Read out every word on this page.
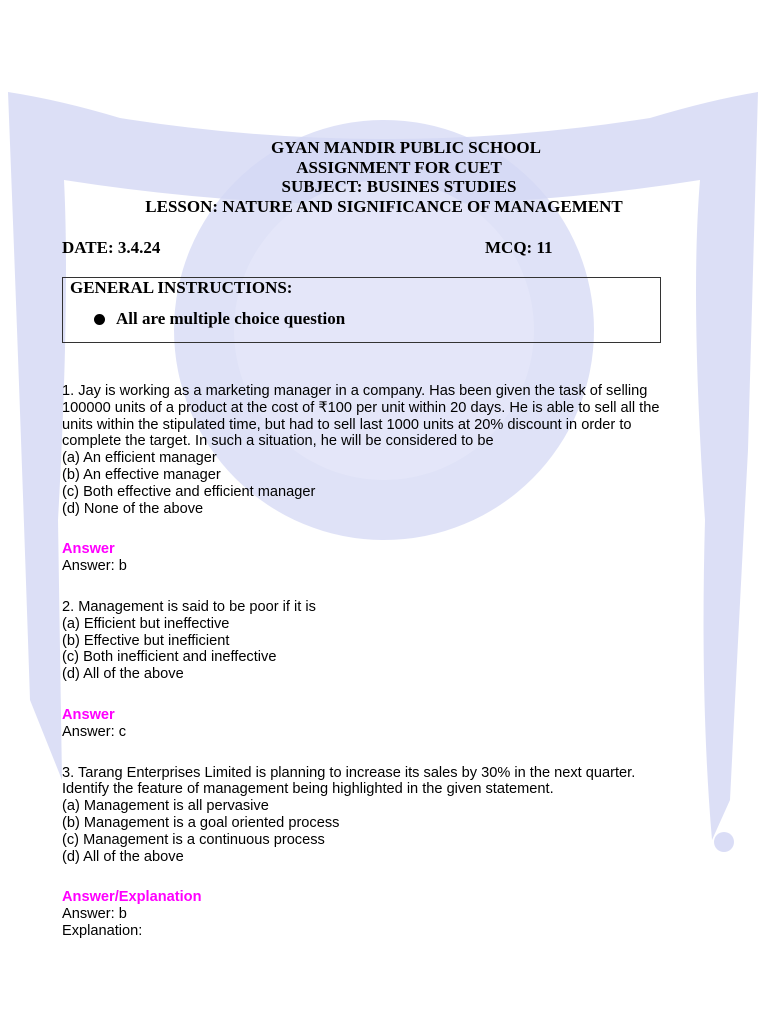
GYAN MANDIR PUBLIC SCHOOL
ASSIGNMENT FOR CUET
SUBJECT: BUSINES STUDIES
LESSON: NATURE AND SIGNIFICANCE OF MANAGEMENT
DATE: 3.4.24	MCQ: 11
GENERAL INSTRUCTIONS:
All are multiple choice question
1. Jay is working as a marketing manager in a company. Has been given the task of selling
100000 units of a product at the cost of ₹100 per unit within 20 days. He is able to sell all the
units within the stipulated time, but had to sell last 1000 units at 20% discount in order to
complete the target. In such a situation, he will be considered to be
(a) An efficient manager
(b) An effective manager
(c) Both effective and efficient manager
(d) None of the above
Answer
Answer: b
2. Management is said to be poor if it is
(a) Efficient but ineffective
(b) Effective but inefficient
(c) Both inefficient and ineffective
(d) All of the above
Answer
Answer: c
3. Tarang Enterprises Limited is planning to increase its sales by 30% in the next quarter.
Identify the feature of management being highlighted in the given statement.
(a) Management is all pervasive
(b) Management is a goal oriented process
(c) Management is a continuous process
(d) All of the above
Answer/Explanation
Answer: b
Explanation:
